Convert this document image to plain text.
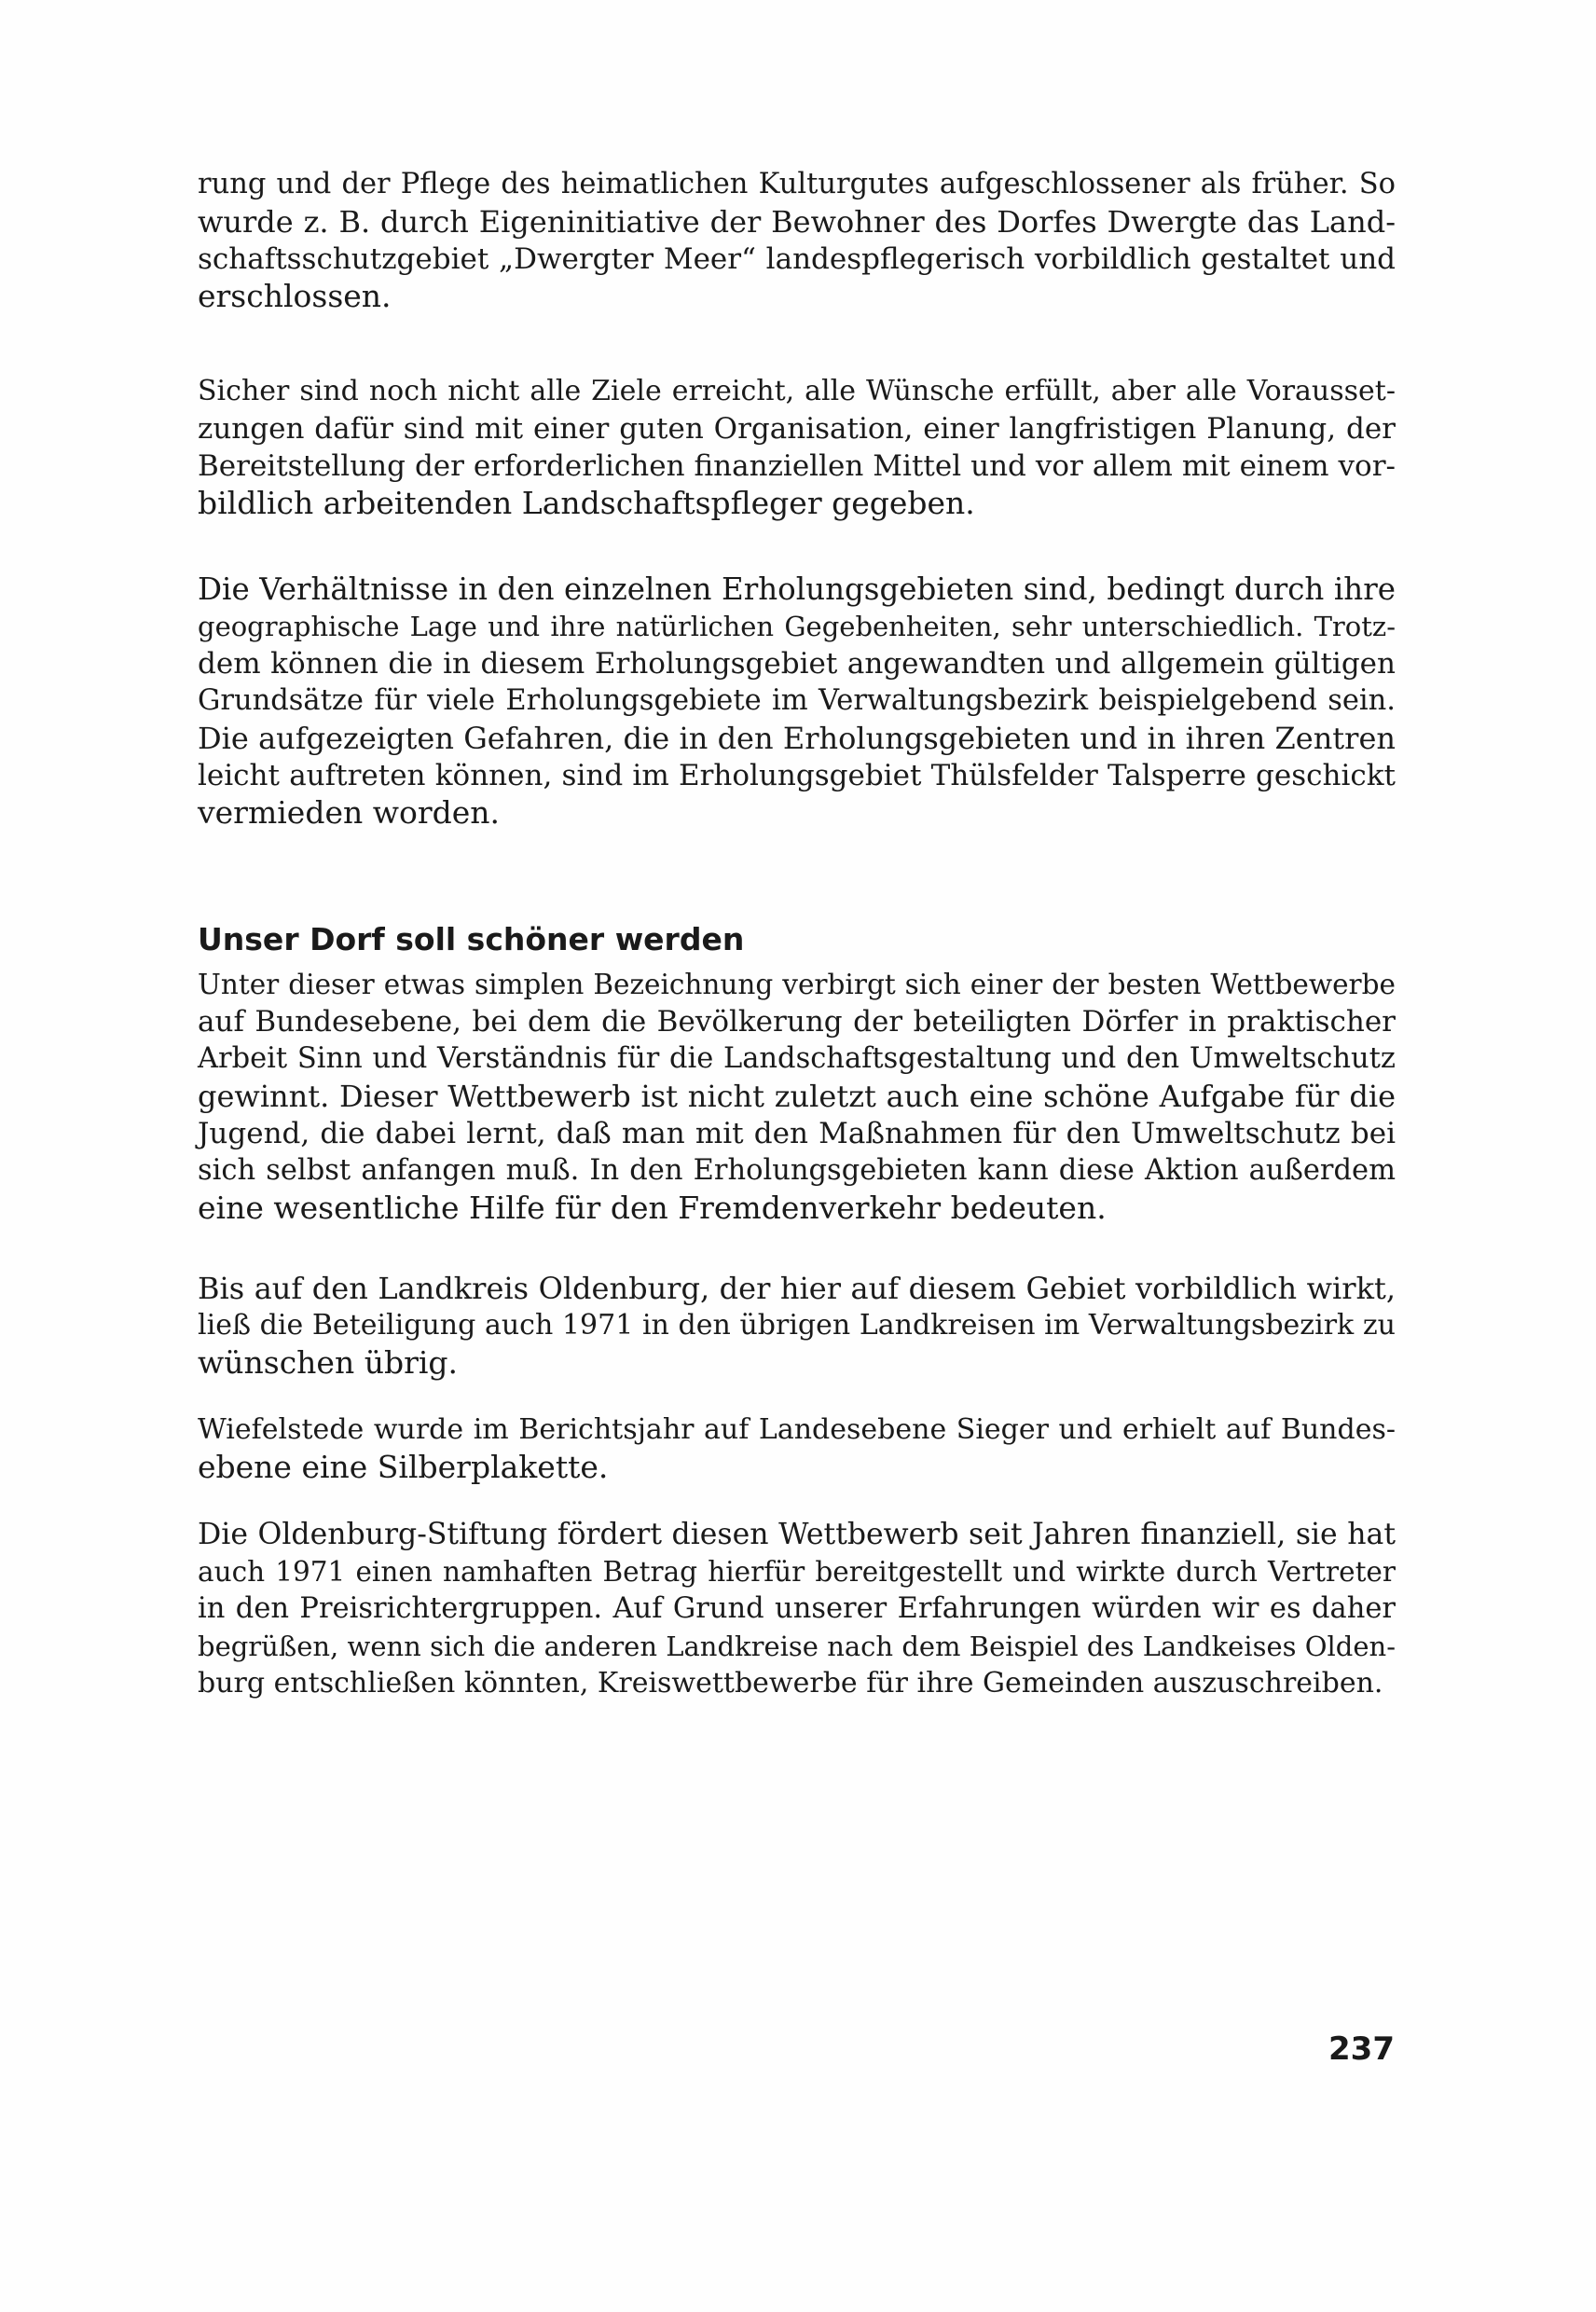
rung und der Pflege des heimatlichen Kulturgutes aufgeschlossener als früher. So
wurde z. B. durch Eigeninitiative der Bewohner des Dorfes Dwergte das Land-
schaftsschutzgebiet „Dwergter Meer“ landespflegerisch vorbildlich gestaltet und
erschlossen.

Sicher sind noch nicht alle Ziele erreicht, alle Wünsche erfüllt, aber alle Vorausset-
zungen dafür sind mit einer guten Organisation, einer langfristigen Planung, der
Bereitstellung der erforderlichen finanziellen Mittel und vor allem mit einem vor-
bildlich arbeitenden Landschaftspfleger gegeben.

Die Verhältnisse in den einzelnen Erholungsgebieten sind, bedingt durch ihre
geographische Lage und ihre natürlichen Gegebenheiten, sehr unterschiedlich. Trotz-
dem können die in diesem Erholungsgebiet angewandten und allgemein gültigen
Grundsätze für viele Erholungsgebiete im Verwaltungsbezirk beispielgebend sein.
Die aufgezeigten Gefahren, die in den Erholungsgebieten und in ihren Zentren
leicht auftreten können, sind im Erholungsgebiet Thülsfelder Talsperre geschickt
vermieden worden.

Unser Dorf soll schöner werden

Unter dieser etwas simplen Bezeichnung verbirgt sich einer der besten Wettbewerbe
auf Bundesebene, bei dem die Bevölkerung der beteiligten Dörfer in praktischer
Arbeit Sinn und Verständnis für die Landschaftsgestaltung und den Umweltschutz
gewinnt. Dieser Wettbewerb ist nicht zuletzt auch eine schöne Aufgabe für die
Jugend, die dabei lernt, daß man mit den Maßnahmen für den Umweltschutz bei
sich selbst anfangen muß. In den Erholungsgebieten kann diese Aktion außerdem
eine wesentliche Hilfe für den Fremdenverkehr bedeuten.

Bis auf den Landkreis Oldenburg, der hier auf diesem Gebiet vorbildlich wirkt,
ließ die Beteiligung auch 1971 in den übrigen Landkreisen im Verwaltungsbezirk zu
wünschen übrig.

Wiefelstede wurde im Berichtsjahr auf Landesebene Sieger und erhielt auf Bundes-
ebene eine Silberplakette.

Die Oldenburg-Stiftung fördert diesen Wettbewerb seit Jahren finanziell, sie hat
auch 1971 einen namhaften Betrag hierfür bereitgestellt und wirkte durch Vertreter
in den Preisrichtergruppen. Auf Grund unserer Erfahrungen würden wir es daher
begrüßen, wenn sich die anderen Landkreise nach dem Beispiel des Landkeises Olden-
burg entschließen könnten, Kreiswettbewerbe für ihre Gemeinden auszuschreiben.

237
